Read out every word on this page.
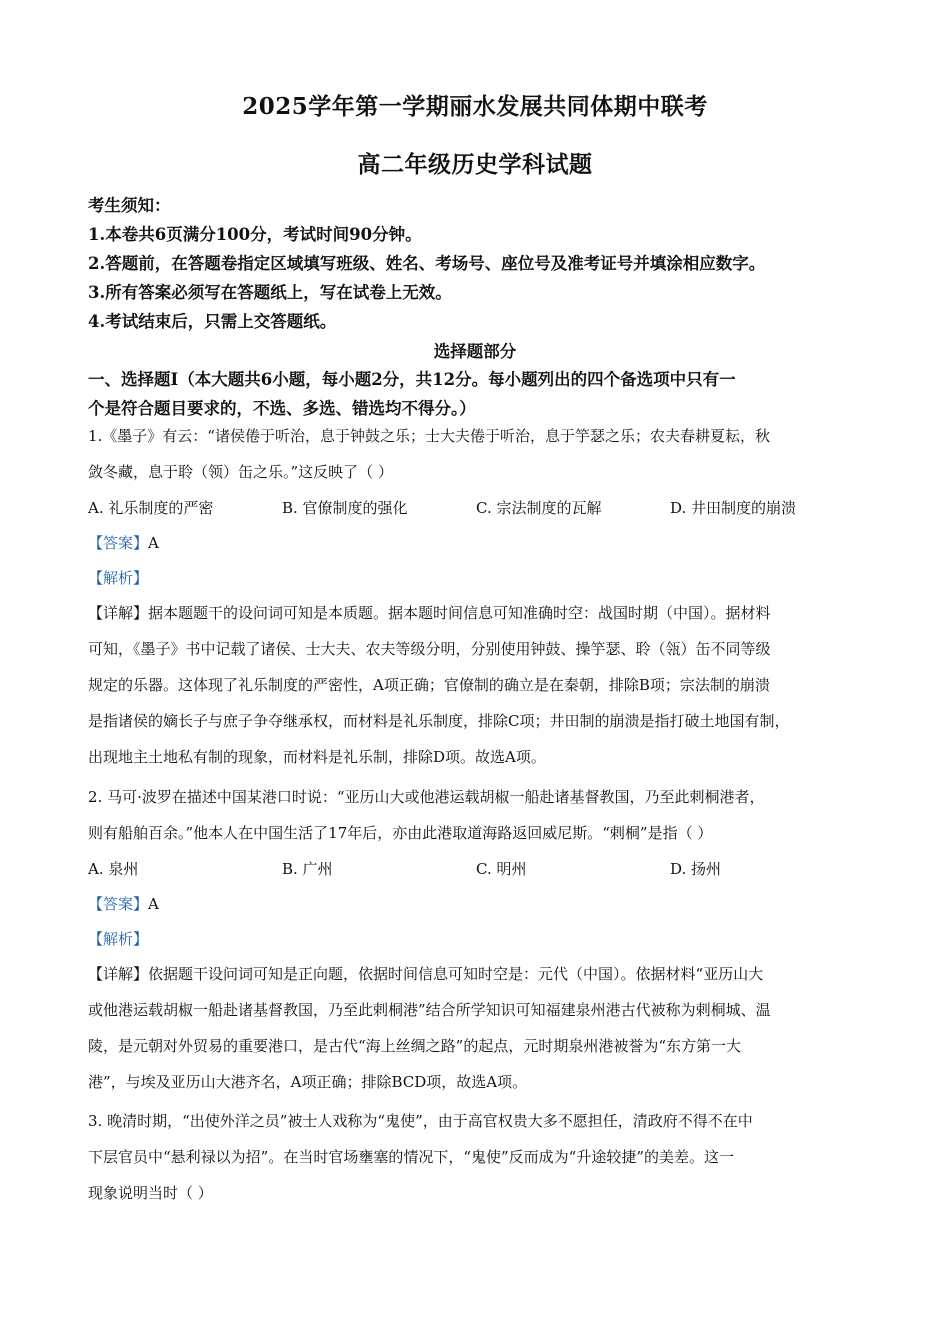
2025学年第一学期丽水发展共同体期中联考
高二年级历史学科试题
考生须知：
1.本卷共6页满分100分，考试时间90分钟。
2.答题前，在答题卷指定区域填写班级、姓名、考场号、座位号及准考证号并填涂相应数字。
3.所有答案必须写在答题纸上，写在试卷上无效。
4.考试结束后，只需上交答题纸。
选择题部分
一、选择题Ⅰ（本大题共6小题，每小题2分，共12分。每小题列出的四个备选项中只有一
个是符合题目要求的，不选、多选、错选均不得分。）
1.《墨子》有云：“诸侯倦于听治，息于钟鼓之乐；士大夫倦于听治，息于竽瑟之乐；农夫春耕夏耘，秋
敛冬藏，息于聆（领）缶之乐。”这反映了（ ）
A. 礼乐制度的严密	B. 官僚制度的强化	C. 宗法制度的瓦解	D. 井田制度的崩溃
【答案】A
【解析】
【详解】据本题题干的设问词可知是本质题。据本题时间信息可知准确时空：战国时期（中国）。据材料
可知，《墨子》书中记载了诸侯、士大夫、农夫等级分明，分别使用钟鼓、操竽瑟、聆（瓴）缶不同等级
规定的乐器。这体现了礼乐制度的严密性，A项正确；官僚制的确立是在秦朝，排除B项；宗法制的崩溃
是指诸侯的嫡长子与庶子争夺继承权，而材料是礼乐制度，排除C项；井田制的崩溃是指打破土地国有制，
出现地主土地私有制的现象，而材料是礼乐制，排除D项。故选A项。
2. 马可·波罗在描述中国某港口时说：“亚历山大或他港运载胡椒一船赴诸基督教国，乃至此剌桐港者，
则有船舶百余。”他本人在中国生活了17年后，亦由此港取道海路返回威尼斯。“剌桐”是指（ ）
A. 泉州	B. 广州	C. 明州	D. 扬州
【答案】A
【解析】
【详解】依据题干设问词可知是正向题，依据时间信息可知时空是：元代（中国）。依据材料“亚历山大
或他港运载胡椒一船赴诸基督教国，乃至此剌桐港”结合所学知识可知福建泉州港古代被称为剌桐城、温
陵，是元朝对外贸易的重要港口，是古代“海上丝绸之路”的起点，元时期泉州港被誉为“东方第一大
港”，与埃及亚历山大港齐名，A项正确；排除BCD项，故选A项。
3. 晚清时期，“出使外洋之员”被士人戏称为“鬼使”，由于高官权贵大多不愿担任，清政府不得不在中
下层官员中“悬利禄以为招”。在当时官场壅塞的情况下，“鬼使”反而成为“升途较捷”的美差。这一
现象说明当时（ ）
